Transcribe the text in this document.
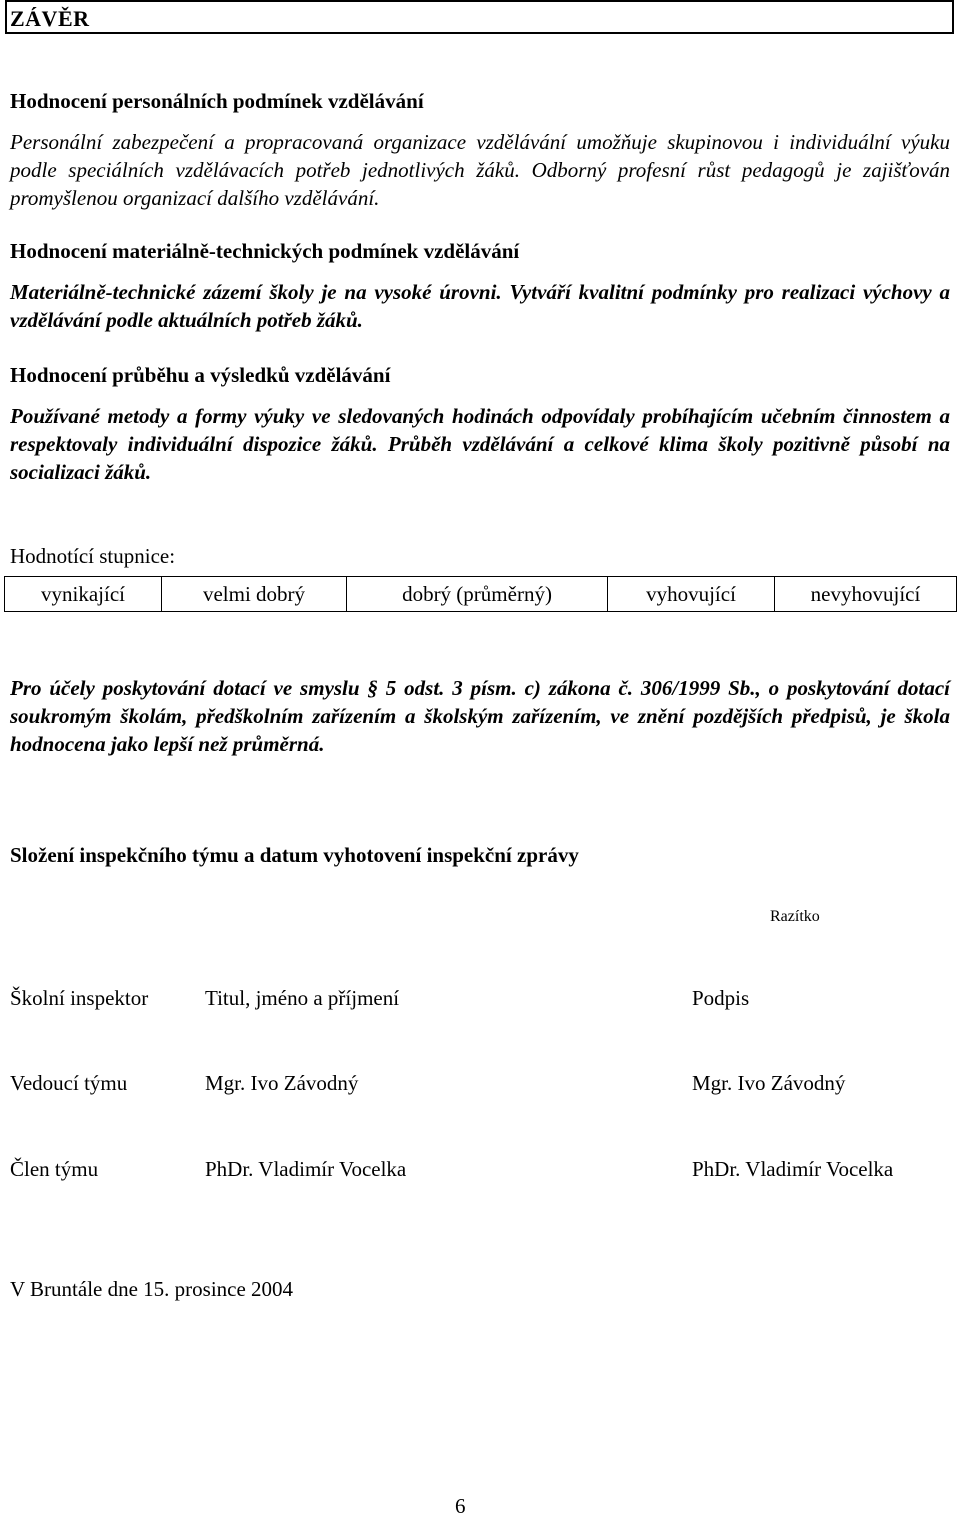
ZÁVĚR
Hodnocení personálních podmínek vzdělávání
Personální zabezpečení a propracovaná organizace vzdělávání umožňuje skupinovou i individuální výuku podle speciálních vzdělávacích potřeb jednotlivých žáků. Odborný profesní růst pedagogů je zajišťován promyšlenou organizací dalšího vzdělávání.
Hodnocení materiálně-technických podmínek vzdělávání
Materiálně-technické zázemí školy je na vysoké úrovni. Vytváří kvalitní podmínky pro realizaci výchovy a vzdělávání podle aktuálních potřeb žáků.
Hodnocení průběhu a výsledků vzdělávání
Používané metody a formy výuky ve sledovaných hodinách odpovídaly probíhajícím učebním činnostem a respektovaly individuální dispozice žáků. Průběh vzdělávání a celkové klima školy pozitivně působí na socializaci žáků.
Hodnotící stupnice:
vynikající	velmi dobrý	dobrý (průměrný)	vyhovující	nevyhovující
Pro účely poskytování dotací ve smyslu § 5 odst. 3 písm. c) zákona č. 306/1999 Sb., o poskytování dotací soukromým školám, předškolním zařízením a školským zařízením, ve znění pozdějších předpisů, je škola hodnocena jako lepší než průměrná.
Složení inspekčního týmu a datum vyhotovení inspekční zprávy
Razítko
Školní inspektor	Titul, jméno a příjmení	Podpis
Vedoucí týmu	Mgr. Ivo Závodný	Mgr. Ivo Závodný
Člen týmu	PhDr. Vladimír Vocelka	PhDr. Vladimír Vocelka
V Bruntále dne 15. prosince 2004
6
